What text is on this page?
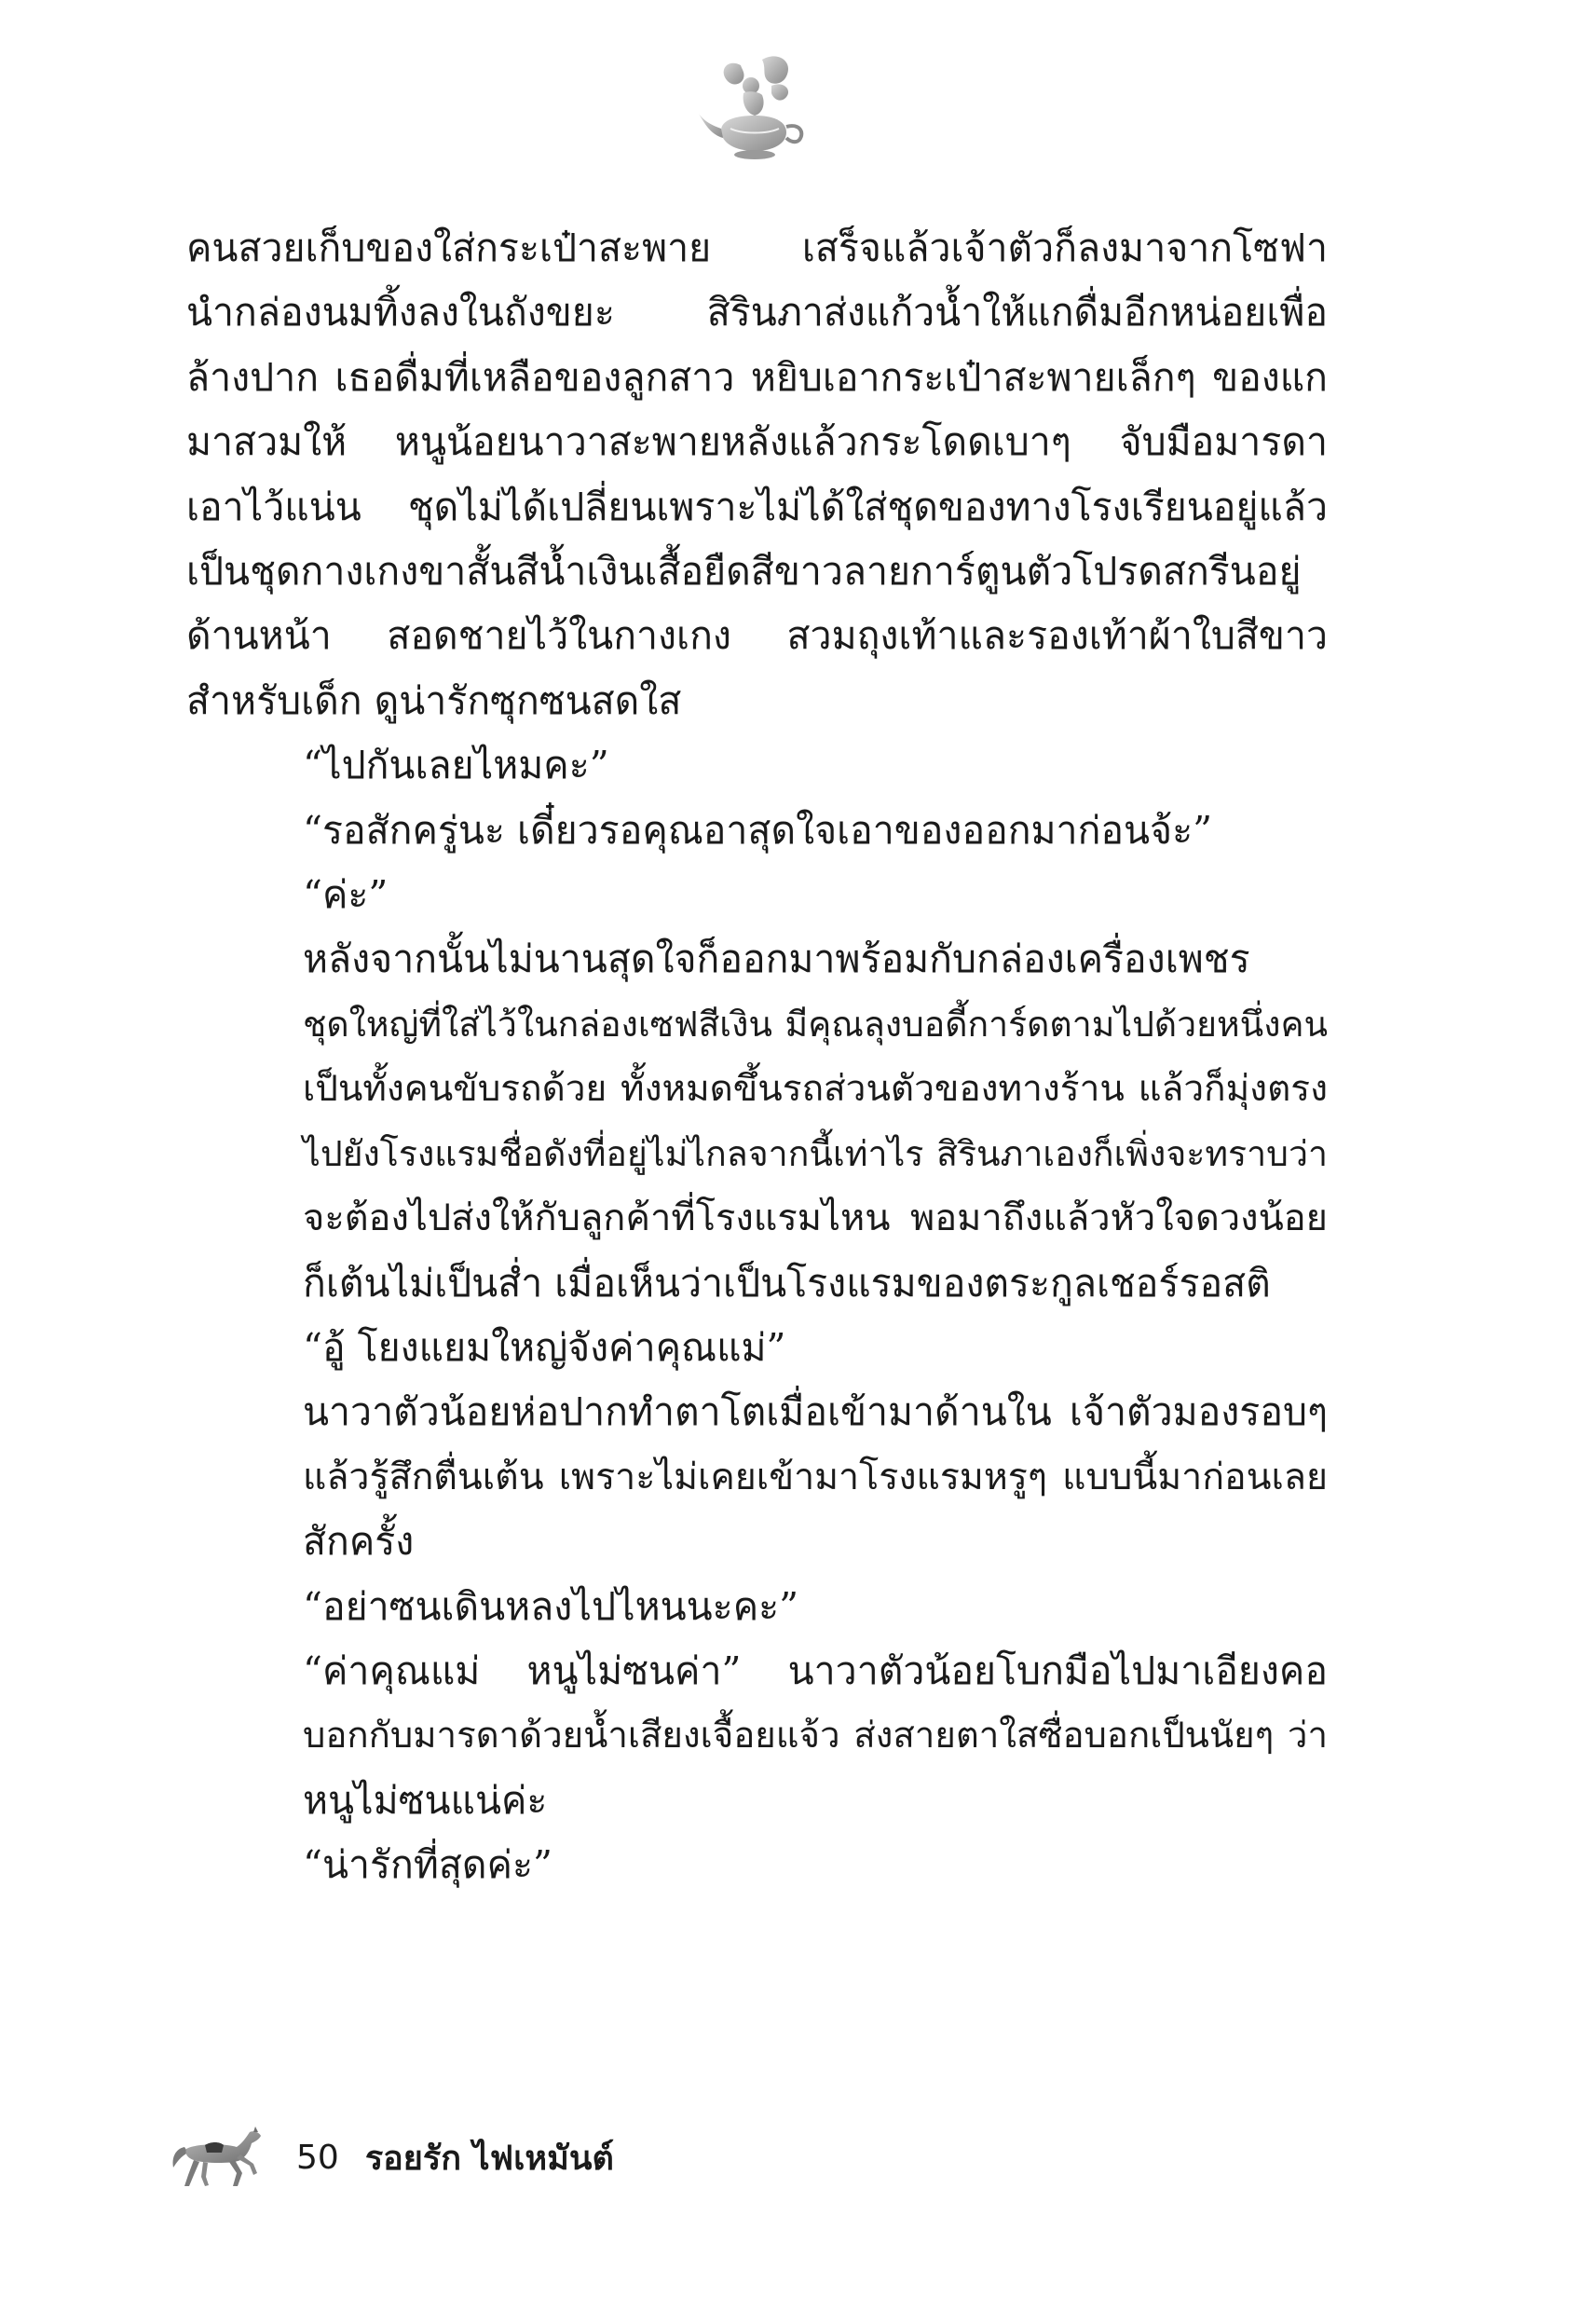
คนสวยเก็บของใส่กระเป๋าสะพาย เสร็จแล้วเจ้าตัวก็ลงมาจากโซฟา
นำกล่องนมทิ้งลงในถังขยะ สิรินภาส่งแก้วน้ำให้แกดื่มอีกหน่อยเพื่อ
ล้างปาก เธอดื่มที่เหลือของลูกสาว หยิบเอากระเป๋าสะพายเล็กๆ ของแก
มาสวมให้ หนูน้อยนาวาสะพายหลังแล้วกระโดดเบาๆ จับมือมารดา
เอาไว้แน่น ชุดไม่ได้เปลี่ยนเพราะไม่ได้ใส่ชุดของทางโรงเรียนอยู่แล้ว
เป็นชุดกางเกงขาสั้นสีน้ำเงินเสื้อยืดสีขาวลายการ์ตูนตัวโปรดสกรีนอยู่
ด้านหน้า สอดชายไว้ในกางเกง สวมถุงเท้าและรองเท้าผ้าใบสีขาว
สำหรับเด็ก ดูน่ารักซุกซนสดใส

“ไปกันเลยไหมคะ”

“รอสักครู่นะ เดี๋ยวรอคุณอาสุดใจเอาของออกมาก่อนจ้ะ”

“ค่ะ”

หลังจากนั้นไม่นานสุดใจก็ออกมาพร้อมกับกล่องเครื่องเพชร
ชุดใหญ่ที่ใส่ไว้ในกล่องเซฟสีเงิน มีคุณลุงบอดี้การ์ดตามไปด้วยหนึ่งคน
เป็นทั้งคนขับรถด้วย ทั้งหมดขึ้นรถส่วนตัวของทางร้าน แล้วก็มุ่งตรง
ไปยังโรงแรมชื่อดังที่อยู่ไม่ไกลจากนี้เท่าไร สิรินภาเองก็เพิ่งจะทราบว่า
จะต้องไปส่งให้กับลูกค้าที่โรงแรมไหน พอมาถึงแล้วหัวใจดวงน้อย
ก็เต้นไม่เป็นส่ำ เมื่อเห็นว่าเป็นโรงแรมของตระกูลเชอร์รอสติ

“อู้ โยงแยมใหญ่จังค่าคุณแม่”

นาวาตัวน้อยห่อปากทำตาโตเมื่อเข้ามาด้านใน เจ้าตัวมองรอบๆ
แล้วรู้สึกตื่นเต้น เพราะไม่เคยเข้ามาโรงแรมหรูๆ แบบนี้มาก่อนเลย
สักครั้ง

“อย่าซนเดินหลงไปไหนนะคะ”

“ค่าคุณแม่ หนูไม่ซนค่า” นาวาตัวน้อยโบกมือไปมาเอียงคอ
บอกกับมารดาด้วยน้ำเสียงเจื้อยแจ้ว ส่งสายตาใสซื่อบอกเป็นนัยๆ ว่า
หนูไม่ซนแน่ค่ะ

“น่ารักที่สุดค่ะ”

50 รอยรัก ไฟเหมันต์
